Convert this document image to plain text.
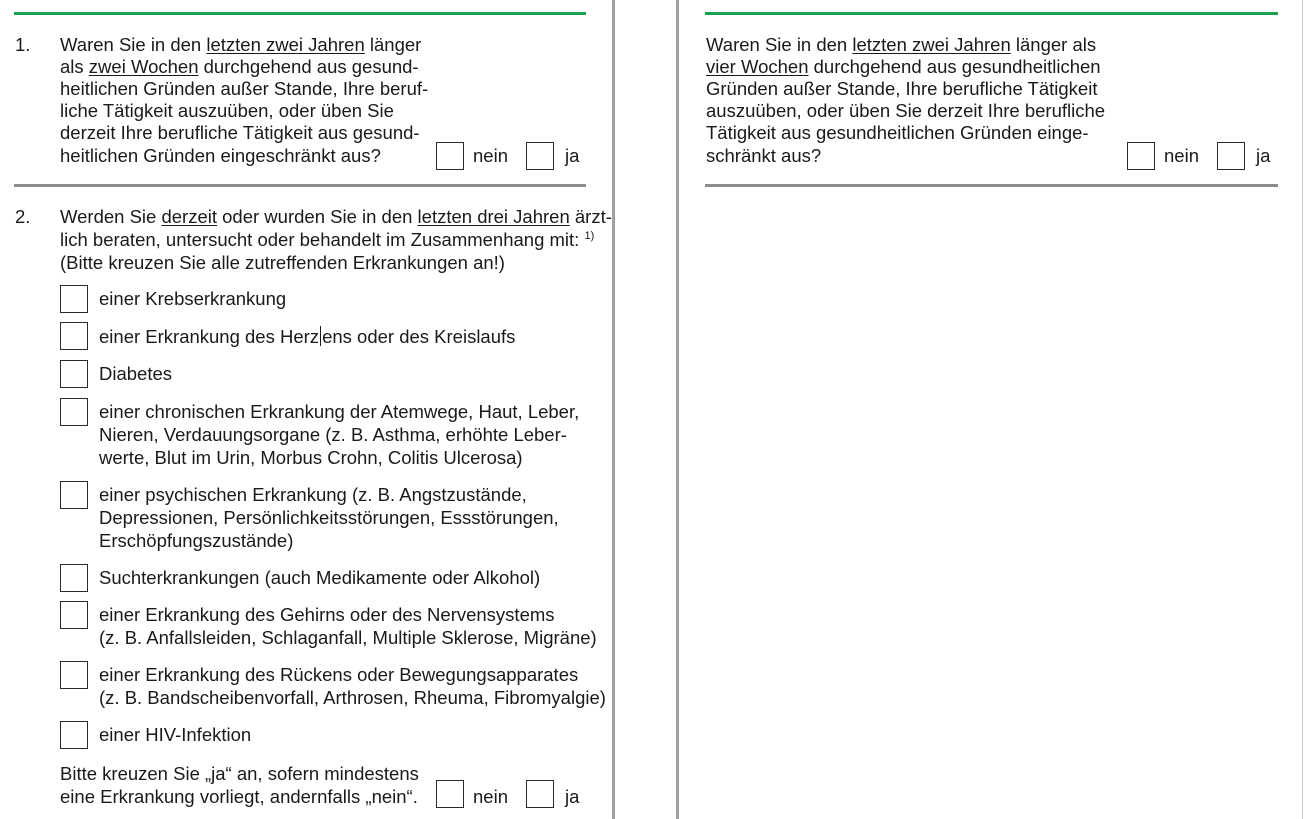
1. Waren Sie in den letzten zwei Jahren länger
als zwei Wochen durchgehend aus gesund-
heitlichen Gründen außer Stande, Ihre beruf-
liche Tätigkeit auszuüben, oder üben Sie
derzeit Ihre berufliche Tätigkeit aus gesund-
heitlichen Gründen eingeschränkt aus?	nein	ja
Waren Sie in den letzten zwei Jahren länger als
vier Wochen durchgehend aus gesundheitlichen
Gründen außer Stande, Ihre berufliche Tätigkeit
auszuüben, oder üben Sie derzeit Ihre berufliche
Tätigkeit aus gesundheitlichen Gründen einge-
schränkt aus?	nein	ja
2. Werden Sie derzeit oder wurden Sie in den letzten drei Jahren ärzt-
lich beraten, untersucht oder behandelt im Zusammenhang mit: $^{1)}$
(Bitte kreuzen Sie alle zutreffenden Erkrankungen an!)
einer Krebserkrankung
einer Erkrankung des Herz ens oder des Kreislaufs
Diabetes
einer chronischen Erkrankung der Atemwege, Haut, Leber,
Nieren, Verdauungsorgane (z. B. Asthma, erhöhte Leber-
werte, Blut im Urin, Morbus Crohn, Colitis Ulcerosa)
einer psychischen Erkrankung (z. B. Angstzustände,
Depressionen, Persönlichkeitsstörungen, Essstörungen,
Erschöpfungszustände)
Suchterkrankungen (auch Medikamente oder Alkohol)
einer Erkrankung des Gehirns oder des Nervensystems
(z. B. Anfallsleiden, Schlaganfall, Multiple Sklerose, Migräne)
einer Erkrankung des Rückens oder Bewegungsapparates
(z. B. Bandscheibenvorfall, Arthrosen, Rheuma, Fibromyalgie)
einer HIV-Infektion
Bitte kreuzen Sie „ja“ an, sofern mindestens
eine Erkrankung vorliegt, andernfalls „nein“.	nein	ja
